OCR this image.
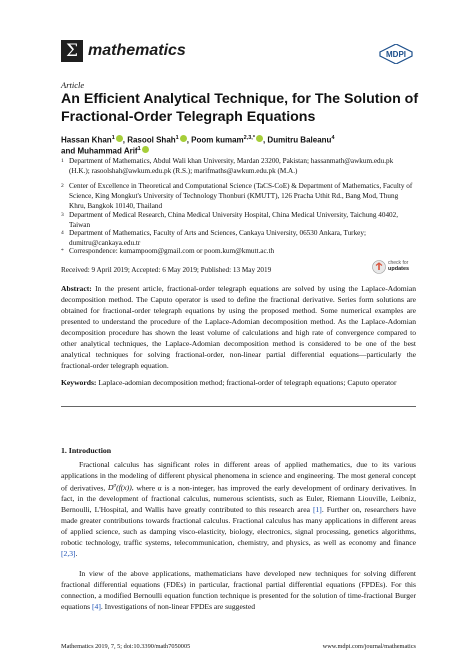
Σ mathematics	MDPI
Article
An Efficient Analytical Technique, for The Solution of Fractional-Order Telegraph Equations
Hassan Khan$^1$ , Rasool Shah$^1$ , Poom kumam$^{2,3,*}$ , Dumitru Baleanu$^4$
and Muhammad Arif$^1$
1 Department of Mathematics, Abdul Wali khan University, Mardan 23200, Pakistan; hassanmath@awkum.edu.pk (H.K.); rasoolshah@awkum.edu.pk (R.S.); marifmaths@awkum.edu.pk (M.A.)
2 Center of Excellence in Theoretical and Computational Science (TaCS-CoE) & Department of Mathematics, Faculty of Science, King Mongkut's University of Technology Thonburi (KMUTT), 126 Pracha Uthit Rd., Bang Mod, Thung Khru, Bangkok 10140, Thailand
3 Department of Medical Research, China Medical University Hospital, China Medical University, Taichung 40402, Taiwan
4 Department of Mathematics, Faculty of Arts and Sciences, Cankaya University, 06530 Ankara, Turkey; dumitru@cankaya.edu.tr
* Correspondence: kumampoom@gmail.com or poom.kum@kmutt.ac.th
Received: 9 April 2019; Accepted: 6 May 2019; Published: 13 May 2019
check for
updates
Abstract: In the present article, fractional-order telegraph equations are solved by using the Laplace-Adomian decomposition method. The Caputo operator is used to define the fractional derivative. Series form solutions are obtained for fractional-order telegraph equations by using the proposed method. Some numerical examples are presented to understand the procedure of the Laplace-Adomian decomposition method. As the Laplace-Adomian decomposition procedure has shown the least volume of calculations and high rate of convergence compared to other analytical techniques, the Laplace-Adomian decomposition method is considered to be one of the best analytical techniques for solving fractional-order, non-linear partial differential equations—particularly the fractional-order telegraph equation.
Keywords: Laplace-adomian decomposition method; fractional-order of telegraph equations; Caputo operator
1. Introduction
Fractional calculus has significant roles in different areas of applied mathematics, due to its various applications in the modeling of different physical phenomena in science and engineering. The most general concept of derivatives, $D^\alpha(f(x))$, where α is a non-integer, has improved the early development of ordinary derivatives. In fact, in the development of fractional calculus, numerous scientists, such as Euler, Riemann Liouville, Leibniz, Bernoulli, L'Hospital, and Wallis have greatly contributed to this research area [1]. Further on, researchers have made greater contributions towards fractional calculus. Fractional calculus has many applications in different areas of applied science, such as damping visco-elasticity, biology, electronics, signal processing, genetics algorithms, robotic technology, traffic systems, telecommunication, chemistry, and physics, as well as economy and finance [2,3].
In view of the above applications, mathematicians have developed new techniques for solving different fractional differential equations (FDEs) in particular, fractional partial differential equations (FPDEs). For this connection, a modified Bernoulli equation function technique is presented for the solution of time-fractional Burger equations [4]. Investigations of non-linear FPDEs are suggested
Mathematics 2019, 7, 5; doi:10.3390/math7050005	www.mdpi.com/journal/mathematics
